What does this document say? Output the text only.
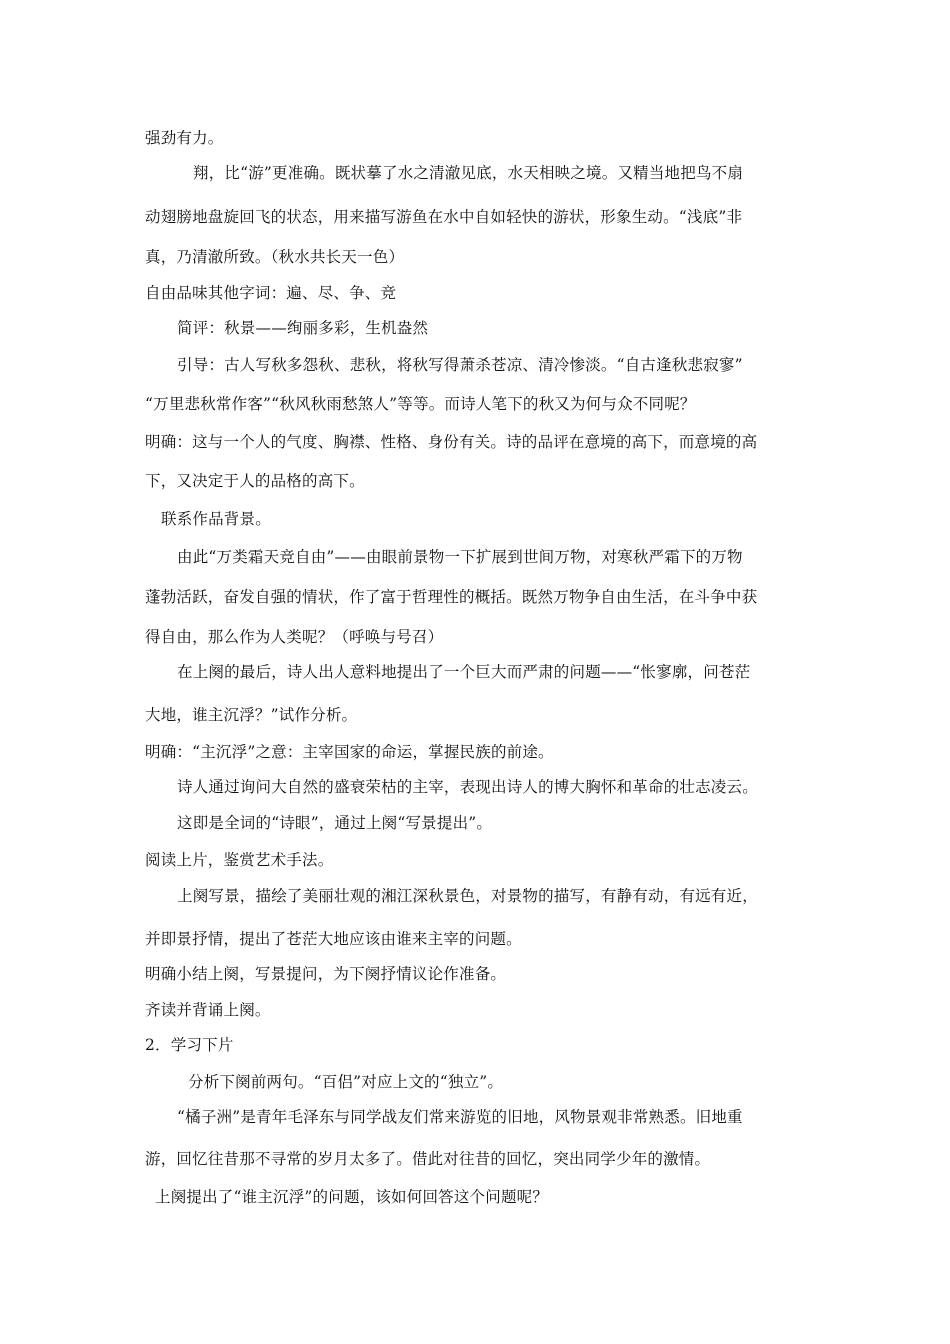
强劲有力。
翔，比“游”更准确。既状摹了水之清澈见底，水天相映之境。又精当地把鸟不扇
动翅膀地盘旋回飞的状态，用来描写游鱼在水中自如轻快的游状，形象生动。“浅底”非
真，乃清澈所致。（秋水共长天一色）
自由品味其他字词：遍、尽、争、竞
简评：秋景——绚丽多彩，生机盎然
引导：古人写秋多怨秋、悲秋，将秋写得萧杀苍凉、清冷惨淡。“自古逢秋悲寂寥”
“万里悲秋常作客”“秋风秋雨愁煞人”等等。而诗人笔下的秋又为何与众不同呢？
明确：这与一个人的气度、胸襟、性格、身份有关。诗的品评在意境的高下，而意境的高
下，又决定于人的品格的高下。
联系作品背景。
由此“万类霜天竞自由”——由眼前景物一下扩展到世间万物，对寒秋严霜下的万物
蓬勃活跃，奋发自强的情状，作了富于哲理性的概括。既然万物争自由生活，在斗争中获
得自由，那么作为人类呢？（呼唤与号召）
在上阕的最后，诗人出人意料地提出了一个巨大而严肃的问题——“怅寥廓，问苍茫
大地，谁主沉浮？”试作分析。
明确：“主沉浮”之意：主宰国家的命运，掌握民族的前途。
诗人通过询问大自然的盛衰荣枯的主宰，表现出诗人的博大胸怀和革命的壮志凌云。
这即是全词的“诗眼”，通过上阕“写景提出”。
阅读上片，鉴赏艺术手法。
上阕写景，描绘了美丽壮观的湘江深秋景色，对景物的描写，有静有动，有远有近，
并即景抒情，提出了苍茫大地应该由谁来主宰的问题。
明确小结上阕，写景提问，为下阕抒情议论作准备。
齐读并背诵上阕。
2．学习下片
分析下阕前两句。“百侣”对应上文的“独立”。
“橘子洲”是青年毛泽东与同学战友们常来游览的旧地，风物景观非常熟悉。旧地重
游，回忆往昔那不寻常的岁月太多了。借此对往昔的回忆，突出同学少年的激情。
上阕提出了“谁主沉浮”的问题，该如何回答这个问题呢？
